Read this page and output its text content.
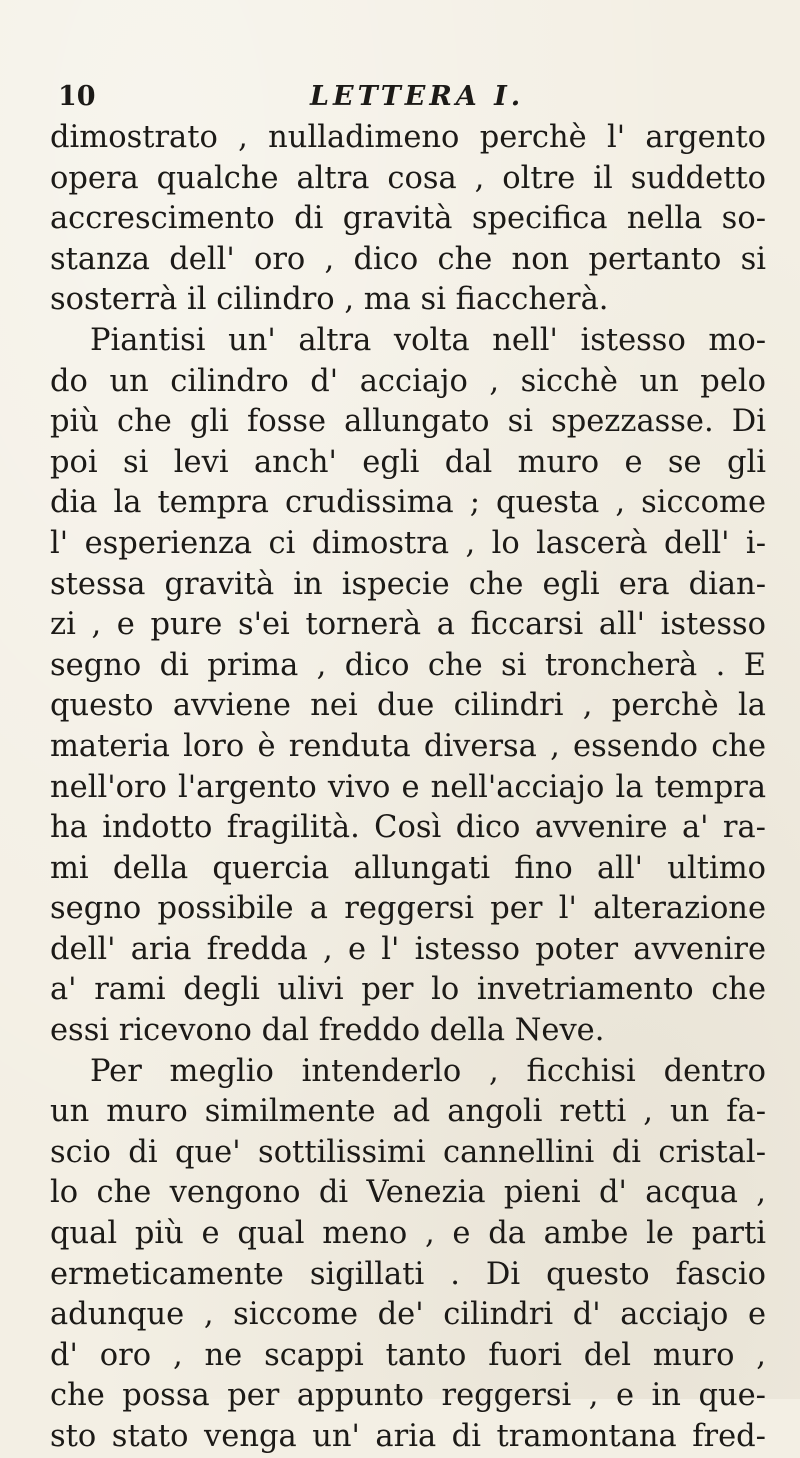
10	LETTERA I.
dimostrato , nulladimeno perchè l' argento
opera qualche altra cosa , oltre il suddetto
accrescimento di gravità specifica nella so-
stanza dell' oro , dico che non pertanto si
sosterrà il cilindro , ma si fiaccherà.
Piantisi un' altra volta nell' istesso mo-
do un cilindro d' acciajo , sicchè un pelo
più che gli fosse allungato si spezzasse. Di
poi si levi anch' egli dal muro e se gli
dia la tempra crudissima ; questa , siccome
l' esperienza ci dimostra , lo lascerà dell' i-
stessa gravità in ispecie che egli era dian-
zi , e pure s'ei tornerà a ficcarsi all' istesso
segno di prima , dico che si troncherà . E
questo avviene nei due cilindri , perchè la
materia loro è renduta diversa , essendo che
nell'oro l'argento vivo e nell'acciajo la tempra
ha indotto fragilità. Così dico avvenire a' ra-
mi della quercia allungati fino all' ultimo
segno possibile a reggersi per l' alterazione
dell' aria fredda , e l' istesso poter avvenire
a' rami degli ulivi per lo invetriamento che
essi ricevono dal freddo della Neve.
Per meglio intenderlo , ficchisi dentro
un muro similmente ad angoli retti , un fa-
scio di que' sottilissimi cannellini di cristal-
lo che vengono di Venezia pieni d' acqua ,
qual più e qual meno , e da ambe le parti
ermeticamente sigillati . Di questo fascio
adunque , siccome de' cilindri d' acciajo e
d' oro , ne scappi tanto fuori del muro ,
che possa per appunto reggersi , e in que-
sto stato venga un' aria di tramontana fred-
